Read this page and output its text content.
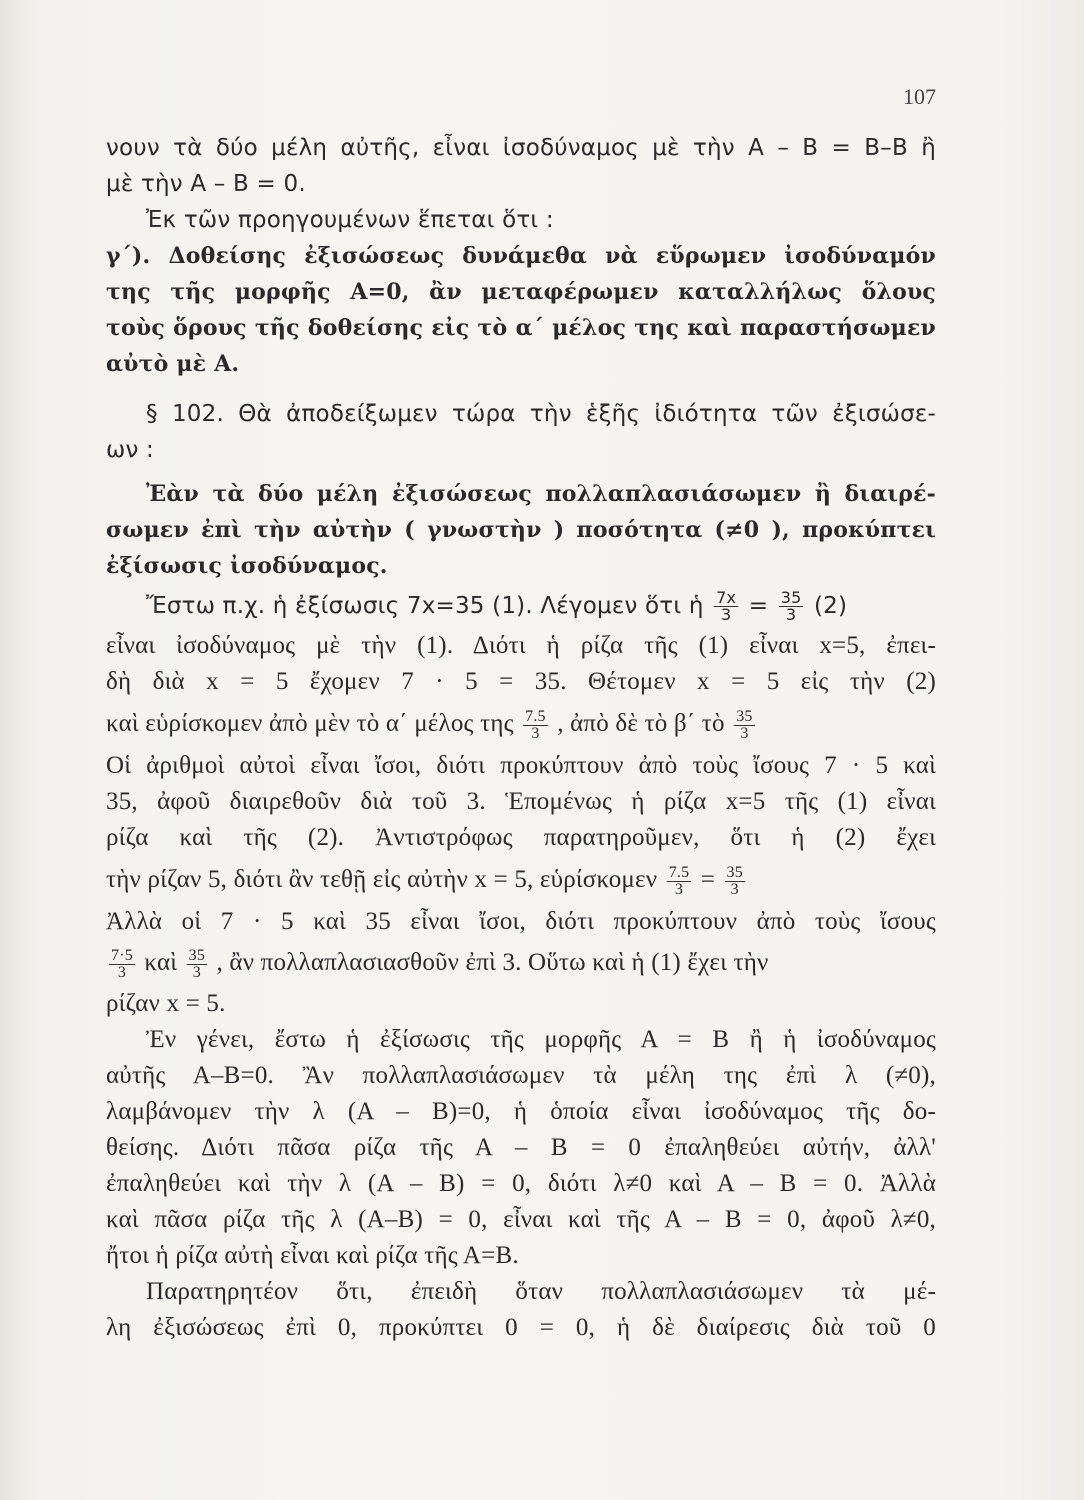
107
νουν τὰ δύο μέλη αὐτῆς, εἶναι ἰσοδύναμος μὲ τὴν Α – Β = Β–Β ἢ
μὲ τὴν Α – Β = 0.
Ἐκ τῶν προηγουμένων ἕπεται ὅτι :
γ΄). Δοθείσης ἐξισώσεως δυνάμεθα νὰ εὕρωμεν ἰσοδύναμόν
της τῆς μορφῆς Α=0, ἂν μεταφέρωμεν καταλλήλως ὅλους
τοὺς ὅρους τῆς δοθείσης εἰς τὸ α΄ μέλος της καὶ παραστήσωμεν
αὐτὸ μὲ Α.
§ 102. Θὰ ἀποδείξωμεν τώρα τὴν ἑξῆς ἰδιότητα τῶν ἐξισώσε-
ων :
Ἐὰν τὰ δύο μέλη ἐξισώσεως πολλαπλασιάσωμεν ἢ διαιρέ-
σωμεν ἐπὶ τὴν αὐτὴν ( γνωστὴν ) ποσότητα (≠0 ), προκύπτει
ἐξίσωσις ἰσοδύναμος.
Ἔστω π.χ. ἡ ἐξίσωσις 7x=35 (1). Λέγομεν ὅτι ἡ $\frac{7x}{3} = \frac{35}{3} (2)$
εἶναι ἰσοδύναμος μὲ τὴν (1). Διότι ἡ ρίζα τῆς (1) εἶναι x=5, ἐπει-
δὴ διὰ x = 5 ἔχομεν 7 · 5 = 35. Θέτομεν x = 5 εἰς τὴν (2)
καὶ εὑρίσκομεν ἀπὸ μὲν τὸ α΄ μέλος της $\frac{7.5}{3}$ , ἀπὸ δὲ τὸ β΄ τὸ $\frac{35}{3}$
Οἱ ἀριθμοὶ αὐτοὶ εἶναι ἴσοι, διότι προκύπτουν ἀπὸ τοὺς ἴσους 7 · 5 καὶ
35, ἀφοῦ διαιρεθοῦν διὰ τοῦ 3. Ἑπομένως ἡ ρίζα x=5 τῆς (1) εἶναι
ρίζα καὶ τῆς (2). Ἀντιστρόφως παρατηροῦμεν, ὅτι ἡ (2) ἔχει
τὴν ρίζαν 5, διότι ἂν τεθῇ εἰς αὐτὴν x = 5, εὑρίσκομεν $\frac{7.5}{3} = \frac{35}{3}$
Ἀλλὰ οἱ 7 · 5 καὶ 35 εἶναι ἴσοι, διότι προκύπτουν ἀπὸ τοὺς ἴσους
$\frac{7\cdot 5}{3}$ καὶ $\frac{35}{3}$ , ἂν πολλαπλασιασθοῦν ἐπὶ 3. Οὕτω καὶ ἡ (1) ἔχει τὴν
ρίζαν x = 5.
Ἐν γένει, ἔστω ἡ ἐξίσωσις τῆς μορφῆς Α = Β ἢ ἡ ἰσοδύναμος
αὐτῆς Α–Β=0. Ἂν πολλαπλασιάσωμεν τὰ μέλη της ἐπὶ λ (≠0),
λαμβάνομεν τὴν λ (Α – Β)=0, ἡ ὁποία εἶναι ἰσοδύναμος τῆς δο-
θείσης. Διότι πᾶσα ρίζα τῆς Α – Β = 0 ἐπαληθεύει αὐτήν, ἀλλ'
ἐπαληθεύει καὶ τὴν λ (Α – Β) = 0, διότι λ≠0 καὶ Α – Β = 0. Ἀλλὰ
καὶ πᾶσα ρίζα τῆς λ (Α–Β) = 0, εἶναι καὶ τῆς Α – Β = 0, ἀφοῦ λ≠0,
ἤτοι ἡ ρίζα αὐτὴ εἶναι καὶ ρίζα τῆς Α=Β.
Παρατηρητέον ὅτι, ἐπειδὴ ὅταν πολλαπλασιάσωμεν τὰ μέ-
λη ἐξισώσεως ἐπὶ 0, προκύπτει 0 = 0, ἡ δὲ διαίρεσις διὰ τοῦ 0
